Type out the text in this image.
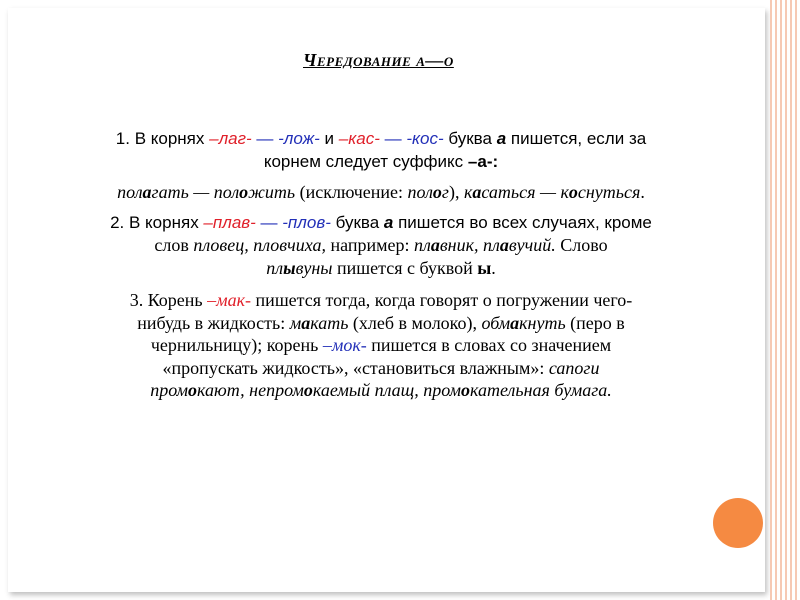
Чередование а—о
1. В корнях –лаг- — -лож- и –кас- — -кос- буква а пишется, если за
корнем следует суффикс –а-:
полагать — положить (исключение: полог), касаться — коснуться.
2. В корнях –плав- — -плов- буква а пишется во всех случаях, кроме
слов пловец, пловчиха, например: плавник, плавучий. Слово
плывуны пишется с буквой ы.
3. Корень –мак- пишется тогда, когда говорят о погружении чего-
нибудь в жидкость: макать (хлеб в молоко), обмакнуть (перо в
чернильницу); корень –мок- пишется в словах со значением
«пропускать жидкость», «становиться влажным»: сапоги
промокают, непромокаемый плащ, промокательная бумага.
